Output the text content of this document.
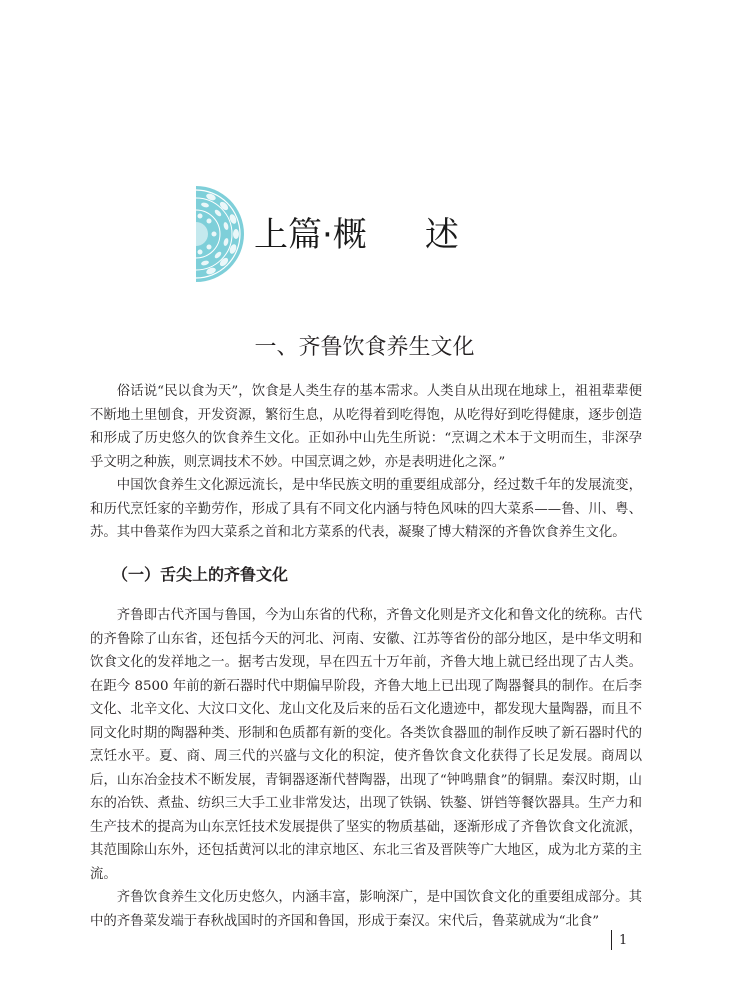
上篇·概 述
一、齐鲁饮食养生文化

俗话说“民以食为天”，饮食是人类生存的基本需求。人类自从出现在地球上，祖祖辈辈便不断地土里刨食，开发资源，繁衍生息，从吃得着到吃得饱，从吃得好到吃得健康，逐步创造和形成了历史悠久的饮食养生文化。正如孙中山先生所说：“烹调之术本于文明而生，非深孕乎文明之种族，则烹调技术不妙。中国烹调之妙，亦是表明进化之深。”

中国饮食养生文化源远流长，是中华民族文明的重要组成部分，经过数千年的发展流变，和历代烹饪家的辛勤劳作，形成了具有不同文化内涵与特色风味的四大菜系——鲁、川、粤、苏。其中鲁菜作为四大菜系之首和北方菜系的代表，凝聚了博大精深的齐鲁饮食养生文化。

（一）舌尖上的齐鲁文化

齐鲁即古代齐国与鲁国，今为山东省的代称，齐鲁文化则是齐文化和鲁文化的统称。古代的齐鲁除了山东省，还包括今天的河北、河南、安徽、江苏等省份的部分地区，是中华文明和饮食文化的发祥地之一。据考古发现，早在四五十万年前，齐鲁大地上就已经出现了古人类。 在距今 8500 年前的新石器时代中期偏早阶段，齐鲁大地上已出现了陶器餐具的制作。在后李文化、北辛文化、大汶口文化、龙山文化及后来的岳石文化遗迹中，都发现大量陶器，而且不同文化时期的陶器种类、形制和色质都有新的变化。各类饮食器皿的制作反映了新石器时代的烹饪水平。夏、商、周三代的兴盛与文化的积淀，使齐鲁饮食文化获得了长足发展。商周以后，山东冶金技术不断发展，青铜器逐渐代替陶器，出现了“钟鸣鼎食”的铜鼎。秦汉时期，山东的冶铁、煮盐、纺织三大手工业非常发达，出现了铁锅、铁鏊、饼铛等餐饮器具。生产力和生产技术的提高为山东烹饪技术发展提供了坚实的物质基础，逐渐形成了齐鲁饮食文化流派，其范围除山东外，还包括黄河以北的津京地区、东北三省及晋陕等广大地区，成为北方菜的主流。

齐鲁饮食养生文化历史悠久，内涵丰富，影响深广，是中国饮食文化的重要组成部分。其中的齐鲁菜发端于春秋战国时的齐国和鲁国，形成于秦汉。宋代后，鲁菜就成为“北食”

1
